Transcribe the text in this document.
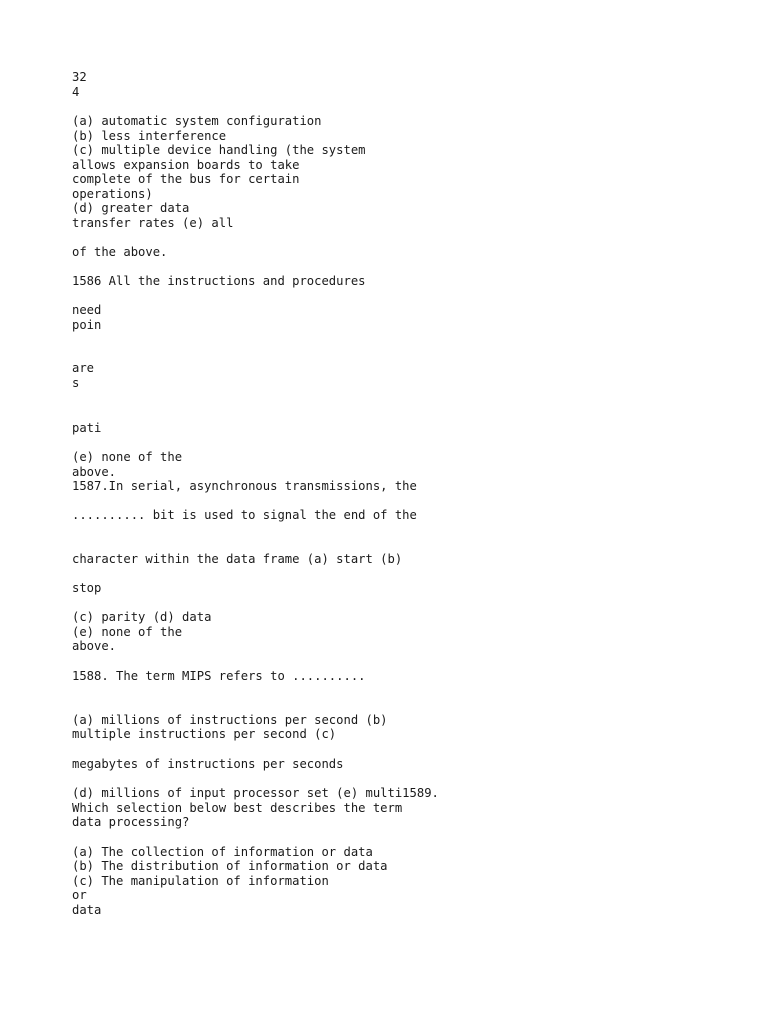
32

4

(a) automatic system configuration

(b) less interference

(c) multiple device handling (the system

allows expansion boards to take

complete of the bus for certain

operations)

(d) greater data

transfer rates (e) all

of the above.

1586 All the instructions and procedures

need

poin

are

s

pati

(e) none of the

above.

1587.In serial, asynchronous transmissions, the

.......... bit is used to signal the end of the

character within the data frame (a) start (b)

stop

(c) parity (d) data

(e) none of the

above.

1588. The term MIPS refers to ..........

(a) millions of instructions per second (b)

multiple instructions per second (c)

megabytes of instructions per seconds

(d) millions of input processor set (e) multi1589.

Which selection below best describes the term

data processing?

(a) The collection of information or data

(b) The distribution of information or data

(c) The manipulation of information

or

data
